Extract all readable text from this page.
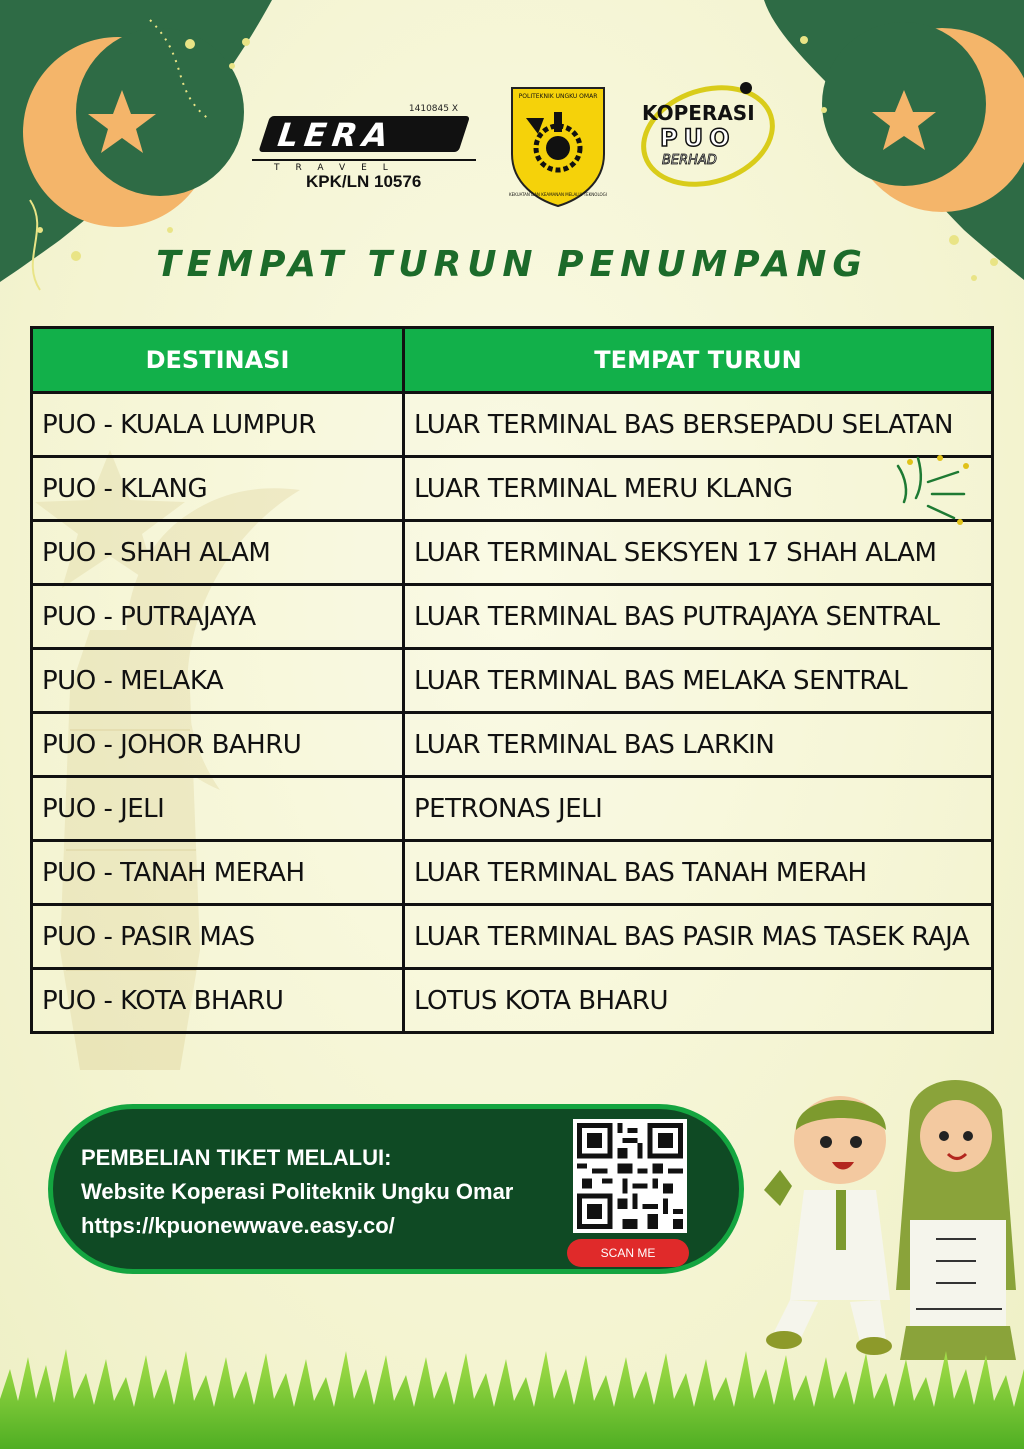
1410845 X
LERA
TRAVEL
KPK/LN 10576
POLITEKNIK UNGKU OMAR
KEKUATAN DAN KEAMANAN MELALUI TEKNOLOGI
KOPERASI
PUO
BERHAD
TEMPAT TURUN PENUMPANG
DESTINASI	TEMPAT TURUN
PUO - KUALA LUMPUR	LUAR TERMINAL BAS BERSEPADU SELATAN
PUO - KLANG	LUAR TERMINAL MERU KLANG
PUO - SHAH ALAM	LUAR TERMINAL SEKSYEN 17 SHAH ALAM
PUO - PUTRAJAYA	LUAR TERMINAL BAS PUTRAJAYA SENTRAL
PUO - MELAKA	LUAR TERMINAL BAS MELAKA SENTRAL
PUO - JOHOR BAHRU	LUAR TERMINAL BAS LARKIN
PUO - JELI	PETRONAS JELI
PUO - TANAH MERAH	LUAR TERMINAL BAS TANAH MERAH
PUO - PASIR MAS	LUAR TERMINAL BAS PASIR MAS TASEK RAJA
PUO - KOTA BHARU	LOTUS KOTA BHARU
PEMBELIAN TIKET MELALUI:
Website Koperasi Politeknik Ungku Omar
https://kpuonewwave.easy.co/
SCAN ME
